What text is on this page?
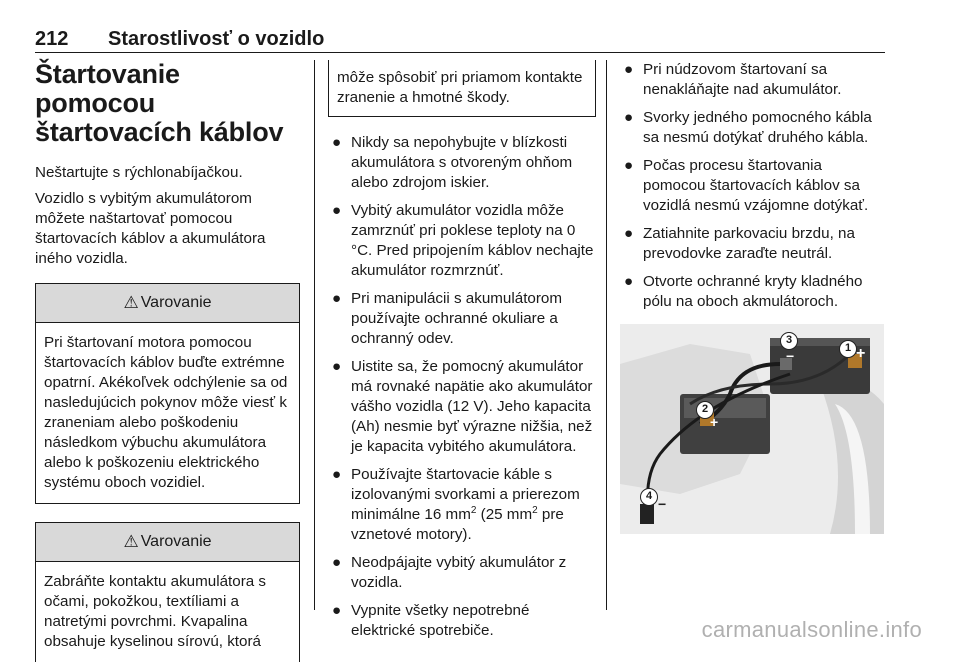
212 Starostlivosť o vozidlo
Štartovanie pomocou štartovacích káblov

Neštartujte s rýchlonabíjačkou.

Vozidlo s vybitým akumulátorom môžete naštartovať pomocou štartovacích káblov a akumulátora iného vozidla.

⚠ Varovanie
Pri štartovaní motora pomocou štartovacích káblov buďte extrémne opatrní. Akékoľvek odchýlenie sa od nasledujúcich pokynov môže viesť k zraneniam alebo poškodeniu následkom výbuchu akumulátora alebo k poškozeniu elektrického systému oboch vozidiel.
⚠ Varovanie
Zabráňte kontaktu akumulátora s očami, pokožkou, textíliami a natretými povrchmi. Kvapalina obsahuje kyselinou sírovú, ktorá
môže spôsobiť pri priamom kontakte zranenie a hmotné škody.
● Nikdy sa nepohybujte v blízkosti akumulátora s otvoreným ohňom alebo zdrojom iskier.
● Vybitý akumulátor vozidla môže zamrznúť pri poklese teploty na 0 °C. Pred pripojením káblov nechajte akumulátor rozmrznúť.
● Pri manipulácii s akumulátorom používajte ochranné okuliare a ochranný odev.
● Uistite sa, že pomocný akumulátor má rovnaké napätie ako akumulátor vášho vozidla (12 V). Jeho kapacita (Ah) nesmie byť výrazne nižšia, než je kapacita vybitého akumulátora.
● Používajte štartovacie káble s izolovanými svorkami a prierezom minimálne 16 $mm^2$ (25 $mm^2$ pre vznetové motory).
● Neodpájajte vybitý akumulátor z vozidla.
● Vypnite všetky nepotrebné elektrické spotrebiče.
● Pri núdzovom štartovaní sa nenakláňajte nad akumulátor.
● Svorky jedného pomocného kábla sa nesmú dotýkať druhého kábla.
● Počas procesu štartovania pomocou štartovacích káblov sa vozidlá nesmú vzájomne dotýkať.
● Zatiahnite parkovaciu brzdu, na prevodovke zaraďte neutrál.
● Otvorte ochranné kryty kladného pólu na oboch akmulátoroch.
1
2
3
4
+
+
−
−
carmanualsonline.info
